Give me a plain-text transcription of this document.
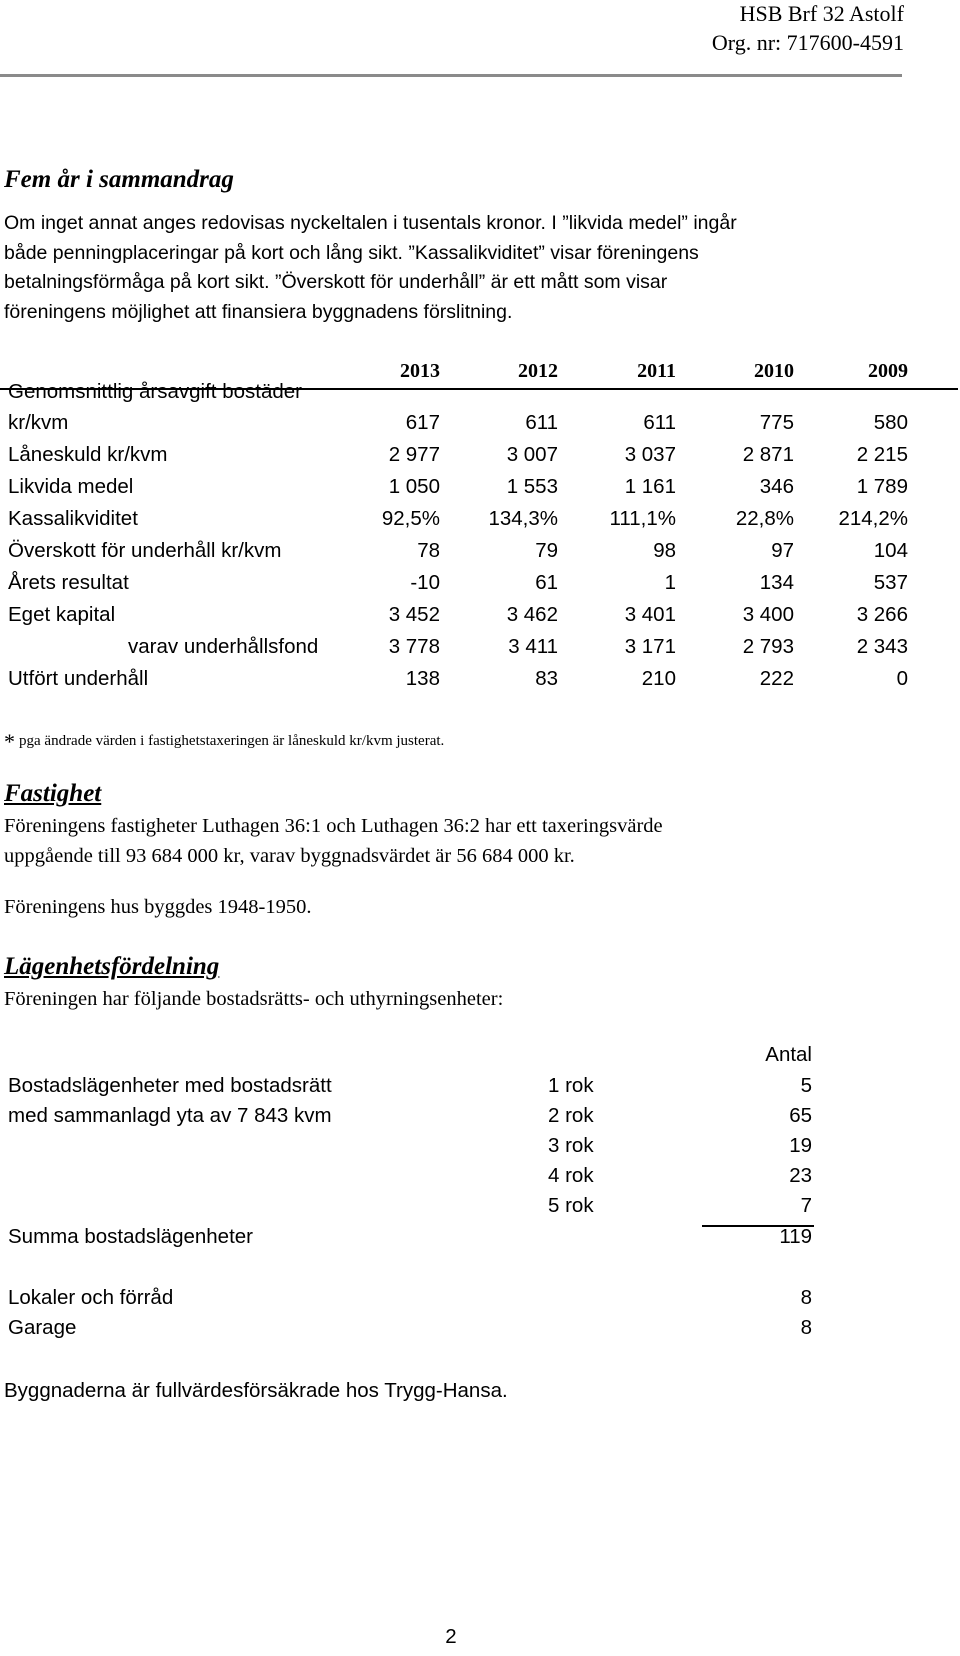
HSB Brf 32 Astolf
Org. nr: 717600-4591
Fem år i sammandrag
Om inget annat anges redovisas nyckeltalen i tusentals kronor. I ”likvida medel” ingår
både penningplaceringar på kort och lång sikt. ”Kassalikviditet” visar föreningens
betalningsförmåga på kort sikt. ”Överskott för underhåll” är ett mått som visar
föreningens möjlighet att finansiera byggnadens förslitning.
2013	2012	2011	2010	2009
Genomsnittlig årsavgift bostäder
kr/kvm	617	611	611	775	580
Låneskuld kr/kvm	2 977	3 007	3 037	2 871	2 215
Likvida medel	1 050	1 553	1 161	346	1 789
Kassalikviditet	92,5%	134,3%	111,1%	22,8%	214,2%
Överskott för underhåll kr/kvm	78	79	98	97	104
Årets resultat	-10	61	1	134	537
Eget kapital	3 452	3 462	3 401	3 400	3 266
varav underhållsfond	3 778	3 411	3 171	2 793	2 343
Utfört underhåll	138	83	210	222	0
* pga ändrade värden i fastighetstaxeringen är låneskuld kr/kvm justerat.
Fastighet
Föreningens fastigheter Luthagen 36:1 och Luthagen 36:2 har ett taxeringsvärde
uppgående till 93 684 000 kr, varav byggnadsvärdet är 56 684 000 kr.
Föreningens hus byggdes 1948-1950.
Lägenhetsfördelning
Föreningen har följande bostadsrätts- och uthyrningsenheter:
Antal
Bostadslägenheter med bostadsrätt	1 rok	5
med sammanlagd yta av 7 843 kvm	2 rok	65
3 rok	19
4 rok	23
5 rok	7
Summa bostadslägenheter	119
Lokaler och förråd	8
Garage	8
Byggnaderna är fullvärdesförsäkrade hos Trygg-Hansa.
2
